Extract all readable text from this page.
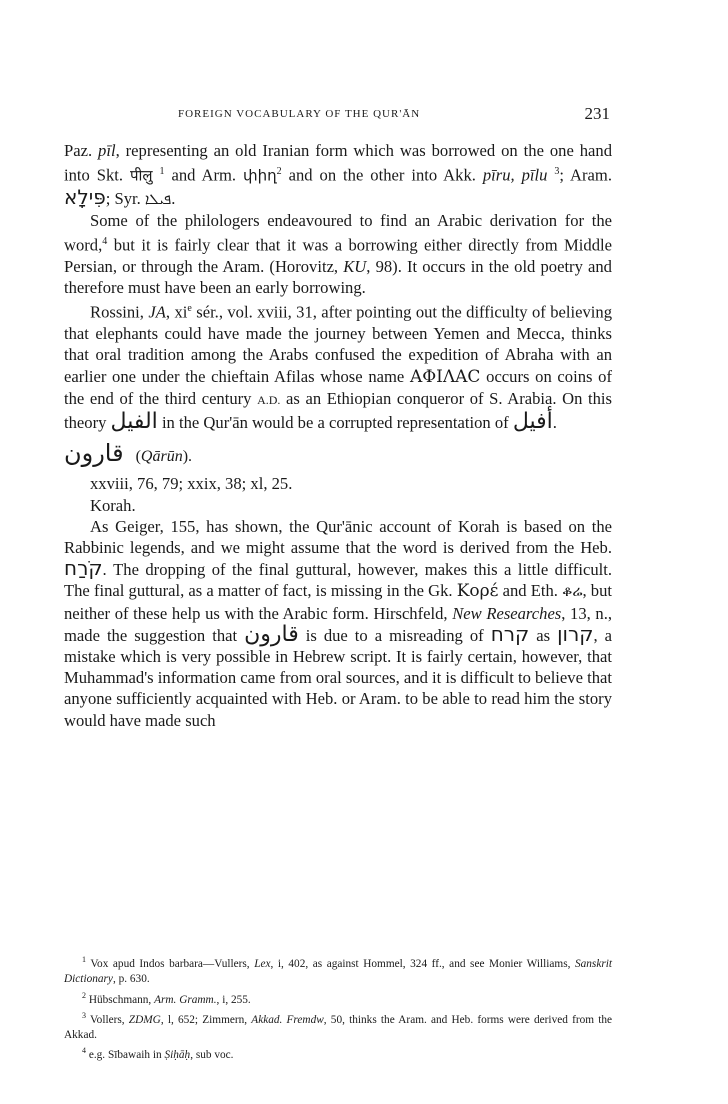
FOREIGN VOCABULARY OF THE QUR'ĀN	231

Paz. pīl, representing an old Iranian form which was borrowed on the one hand into Skt. पीलु $^1$ and Arm. փիղ$^2$ and on the other into Akk. pīru, pīlu $^3$; Aram. פִּילָא; Syr. ܦܝܠܐ.

Some of the philologers endeavoured to find an Arabic derivation for the word,$^4$ but it is fairly clear that it was a borrowing either directly from Middle Persian, or through the Aram. (Horovitz, KU, 98). It occurs in the old poetry and therefore must have been an early borrowing.

Rossini, JA, $xi^e$ sér., vol. xviii, 31, after pointing out the difficulty of believing that elephants could have made the journey between Yemen and Mecca, thinks that oral tradition among the Arabs confused the expedition of Abraha with an earlier one under the chieftain Afilas whose name ΑΦΙΛΑϹ occurs on coins of the end of the third century A.D. as an Ethiopian conqueror of S. Arabia. On this theory الفيل in the Qur'ān would be a corrupted representation of أفيل.

قارون (Qārūn).
xxviii, 76, 79; xxix, 38; xl, 25.
Korah.

As Geiger, 155, has shown, the Qur'ānic account of Korah is based on the Rabbinic legends, and we might assume that the word is derived from the Heb. קֹרַח. The dropping of the final guttural, however, makes this a little difficult. The final guttural, as a matter of fact, is missing in the Gk. Κορέ and Eth. ቆሬ, but neither of these help us with the Arabic form. Hirschfeld, New Researches, 13, n., made the suggestion that قارون is due to a misreading of קרח as קרון, a mistake which is very possible in Hebrew script. It is fairly certain, however, that Muhammad's information came from oral sources, and it is difficult to believe that anyone sufficiently acquainted with Heb. or Aram. to be able to read him the story would have made such

$^1$ Vox apud Indos barbara—Vullers, Lex, i, 402, as against Hommel, 324 ff., and see Monier Williams, Sanskrit Dictionary, p. 630.

$^2$ Hübschmann, Arm. Gramm., i, 255.

$^3$ Vollers, ZDMG, l, 652; Zimmern, Akkad. Fremdw, 50, thinks the Aram. and Heb. forms were derived from the Akkad.

$^4$ e.g. Sībawaih in Ṣiḥāḥ, sub voc.
